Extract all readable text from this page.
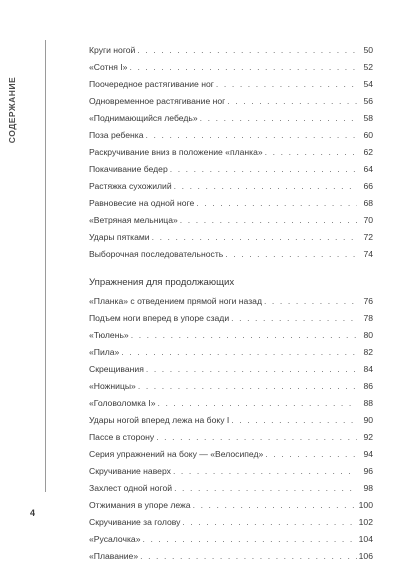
СОДЕРЖАНИЕ
Круги ногой . . .	50
«Сотня I» . . .	52
Поочередное растягивание ног . . .	54
Одновременное растягивание ног . . .	56
«Поднимающийся лебедь» . . .	58
Поза ребенка . . .	60
Раскручивание вниз в положение «планка» . . .	62
Покачивание бедер . . .	64
Растяжка сухожилий . . .	66
Равновесие на одной ноге . . .	68
«Ветряная мельница» . . .	70
Удары пятками . . .	72
Выборочная последовательность . . .	74
Упражнения для продолжающих
«Планка» с отведением прямой ноги назад . . .	76
Подъем ноги вперед в упоре сзади . . .	78
«Тюлень» . . .	80
«Пила» . . .	82
Скрещивания . . .	84
«Ножницы» . . .	86
«Головоломка I» . . .	88
Удары ногой вперед лежа на боку I . . .	90
Пассе в сторону . . .	92
Серия упражнений на боку — «Велосипед» . . .	94
Скручивание наверх . . .	96
Захлест одной ногой . . .	98
Отжимания в упоре лежа . . .	100
Скручивание за голову . . .	102
«Русалочка» . . .	104
«Плавание» . . .	106
4
